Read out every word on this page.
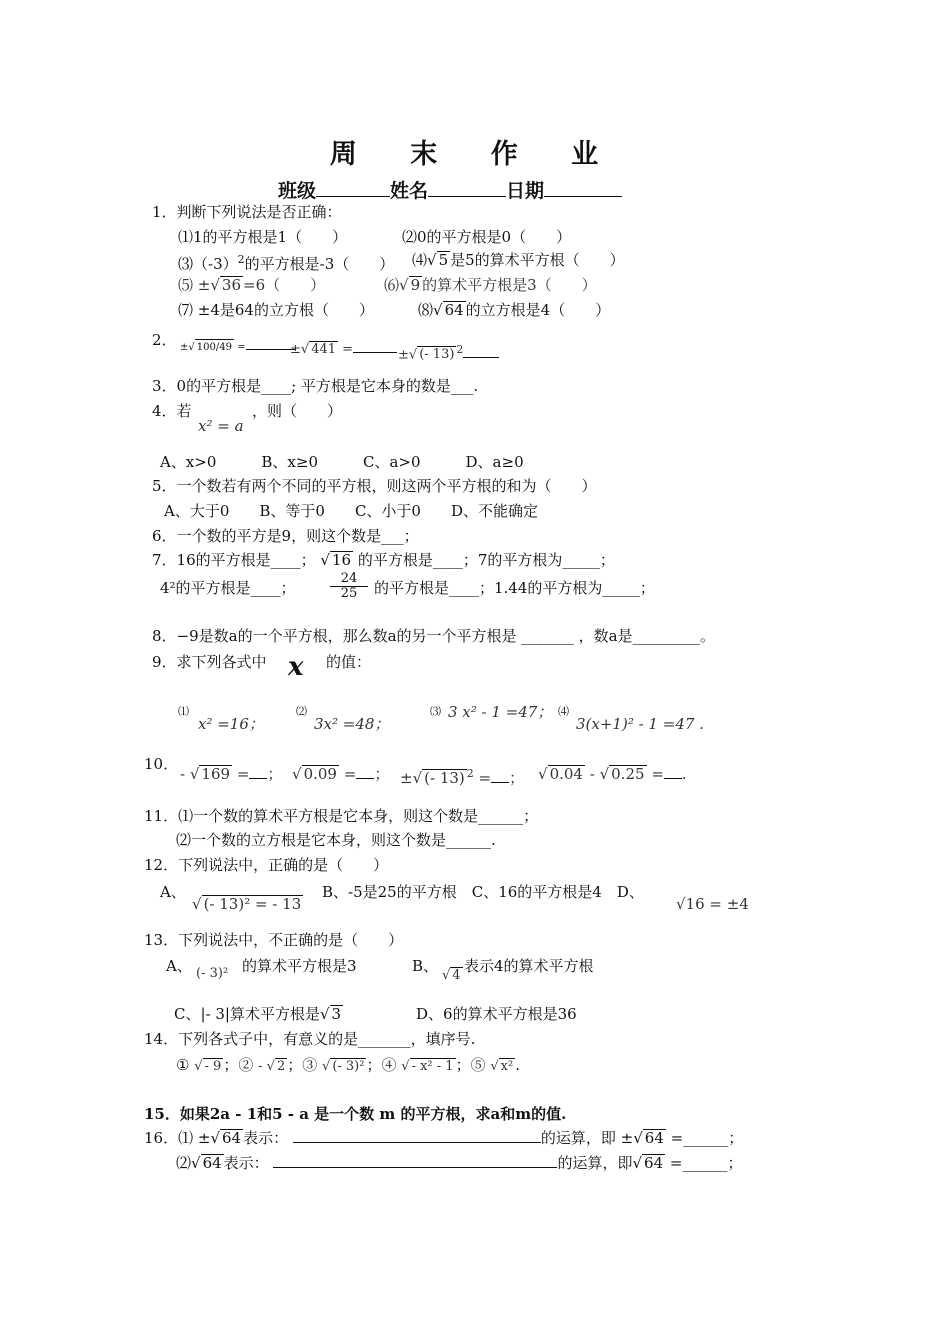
周 末 作 业
班级	姓名	日期
1．判断下列说法是否正确：
⑴1的平方根是1（　　）	⑵0的平方根是0（　　）
$⑶(-3)^2$的平方根是-3（　　） ⑷√ 5 是5的算术平方根（　　）
⑸ ±√ 36 =6（　　）	⑹√ 9 的算术平方根是3（　　）
⑺ ±4是64的立方根（　　）	⑻√ 64 的立方根是4（　　）
2． ±√ 100/49 =	±√ 441 =	±√ (- 13) $^2$
3．0的平方根是____; 平方根是它本身的数是___.
4．若	，则（　　）
x² = a
A、x>0　　　B、x≥0　　　C、a>0　　　D、a≥0
5．一个数若有两个不同的平方根，则这两个平方根的和为（　　）
A、大于0　　B、等于0　　C、小于0　　D、不能确定
6．一个数的平方是9，则这个数是___；
7．16的平方根是____； √ 16 的平方根是____；7的平方根为_____；
4²的平方根是____；
24
25	的平方根是____；1.44的平方根为_____；
8．−9是数a的一个平方根，那么数a的另一个平方根是 _______ ，数a是_________。
9．求下列各式中 x 的值：
⑴
x² =16；
⑵
3x² =48；
⑶ 3 x² - 1 =47； ⑷
3(x+1)² - 1 =47 .
10．
- √ 169 = ； √ 0.09 = ； ±√ (- 13) $^2$ = ； √ 0.04 - √ 0.25 = .
11．⑴一个数的算术平方根是它本身，则这个数是______；
⑵一个数的立方根是它本身，则这个数是______.
12．下列说法中，正确的是（　　）
A、
√ (- 13)² = - 13
B、-5是25的平方根　C、16的平方根是4　D、
√16 = ±4
13．下列说法中，不正确的是（　　）
A、 (- 3)² 的算术平方根是3	B、
√ 4
表示4的算术平方根
C、|- 3|算术平方根是√ 3	D、6的算术平方根是36
14．下列各式子中，有意义的是_______，填序号.
① √ - 9 ；② - √ 2 ；③ √ (- 3)² ；④ √ - x² - 1 ；⑤ √ x² .
15．如果2a - 1和5 - a 是一个数 m 的平方根，求a和m的值.
16．⑴ ±√ 64 表示：	的运算，即 ±√ 64 =______；
⑵√ 64 表示：	的运算，即√ 64 =______；
